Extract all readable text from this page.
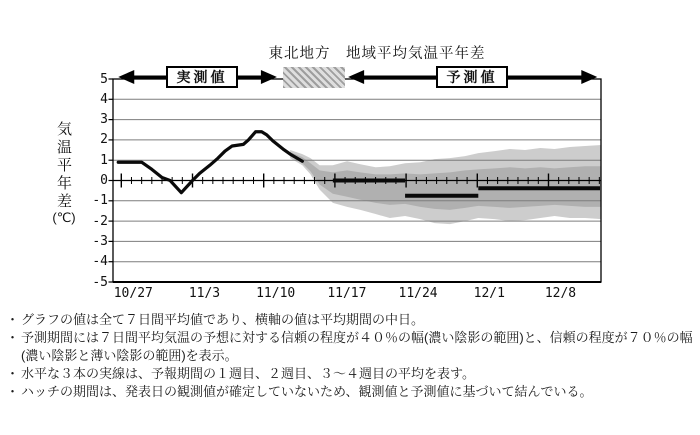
東北地方　地域平均気温平年差
気温平年差
(℃)
実測値	予測値
・ グラフの値は全て７日間平均値であり、横軸の値は平均期間の中日。
・ 予測期間には７日間平均気温の予想に対する信頼の程度が４０％の幅(濃い陰影の範囲)と、信頼の程度が７０％の幅(濃い陰影と薄い陰影の範囲)を表示。
・ 水平な３本の実線は、予報期間の１週目、２週目、３～４週目の平均を表す。
・ ハッチの期間は、発表日の観測値が確定していないため、観測値と予測値に基づいて結んでいる。
5
4
3
2
1
0
-1
-2
-3
-4
-5
10/27	11/3	11/10	11/17	11/24	12/1	12/8
